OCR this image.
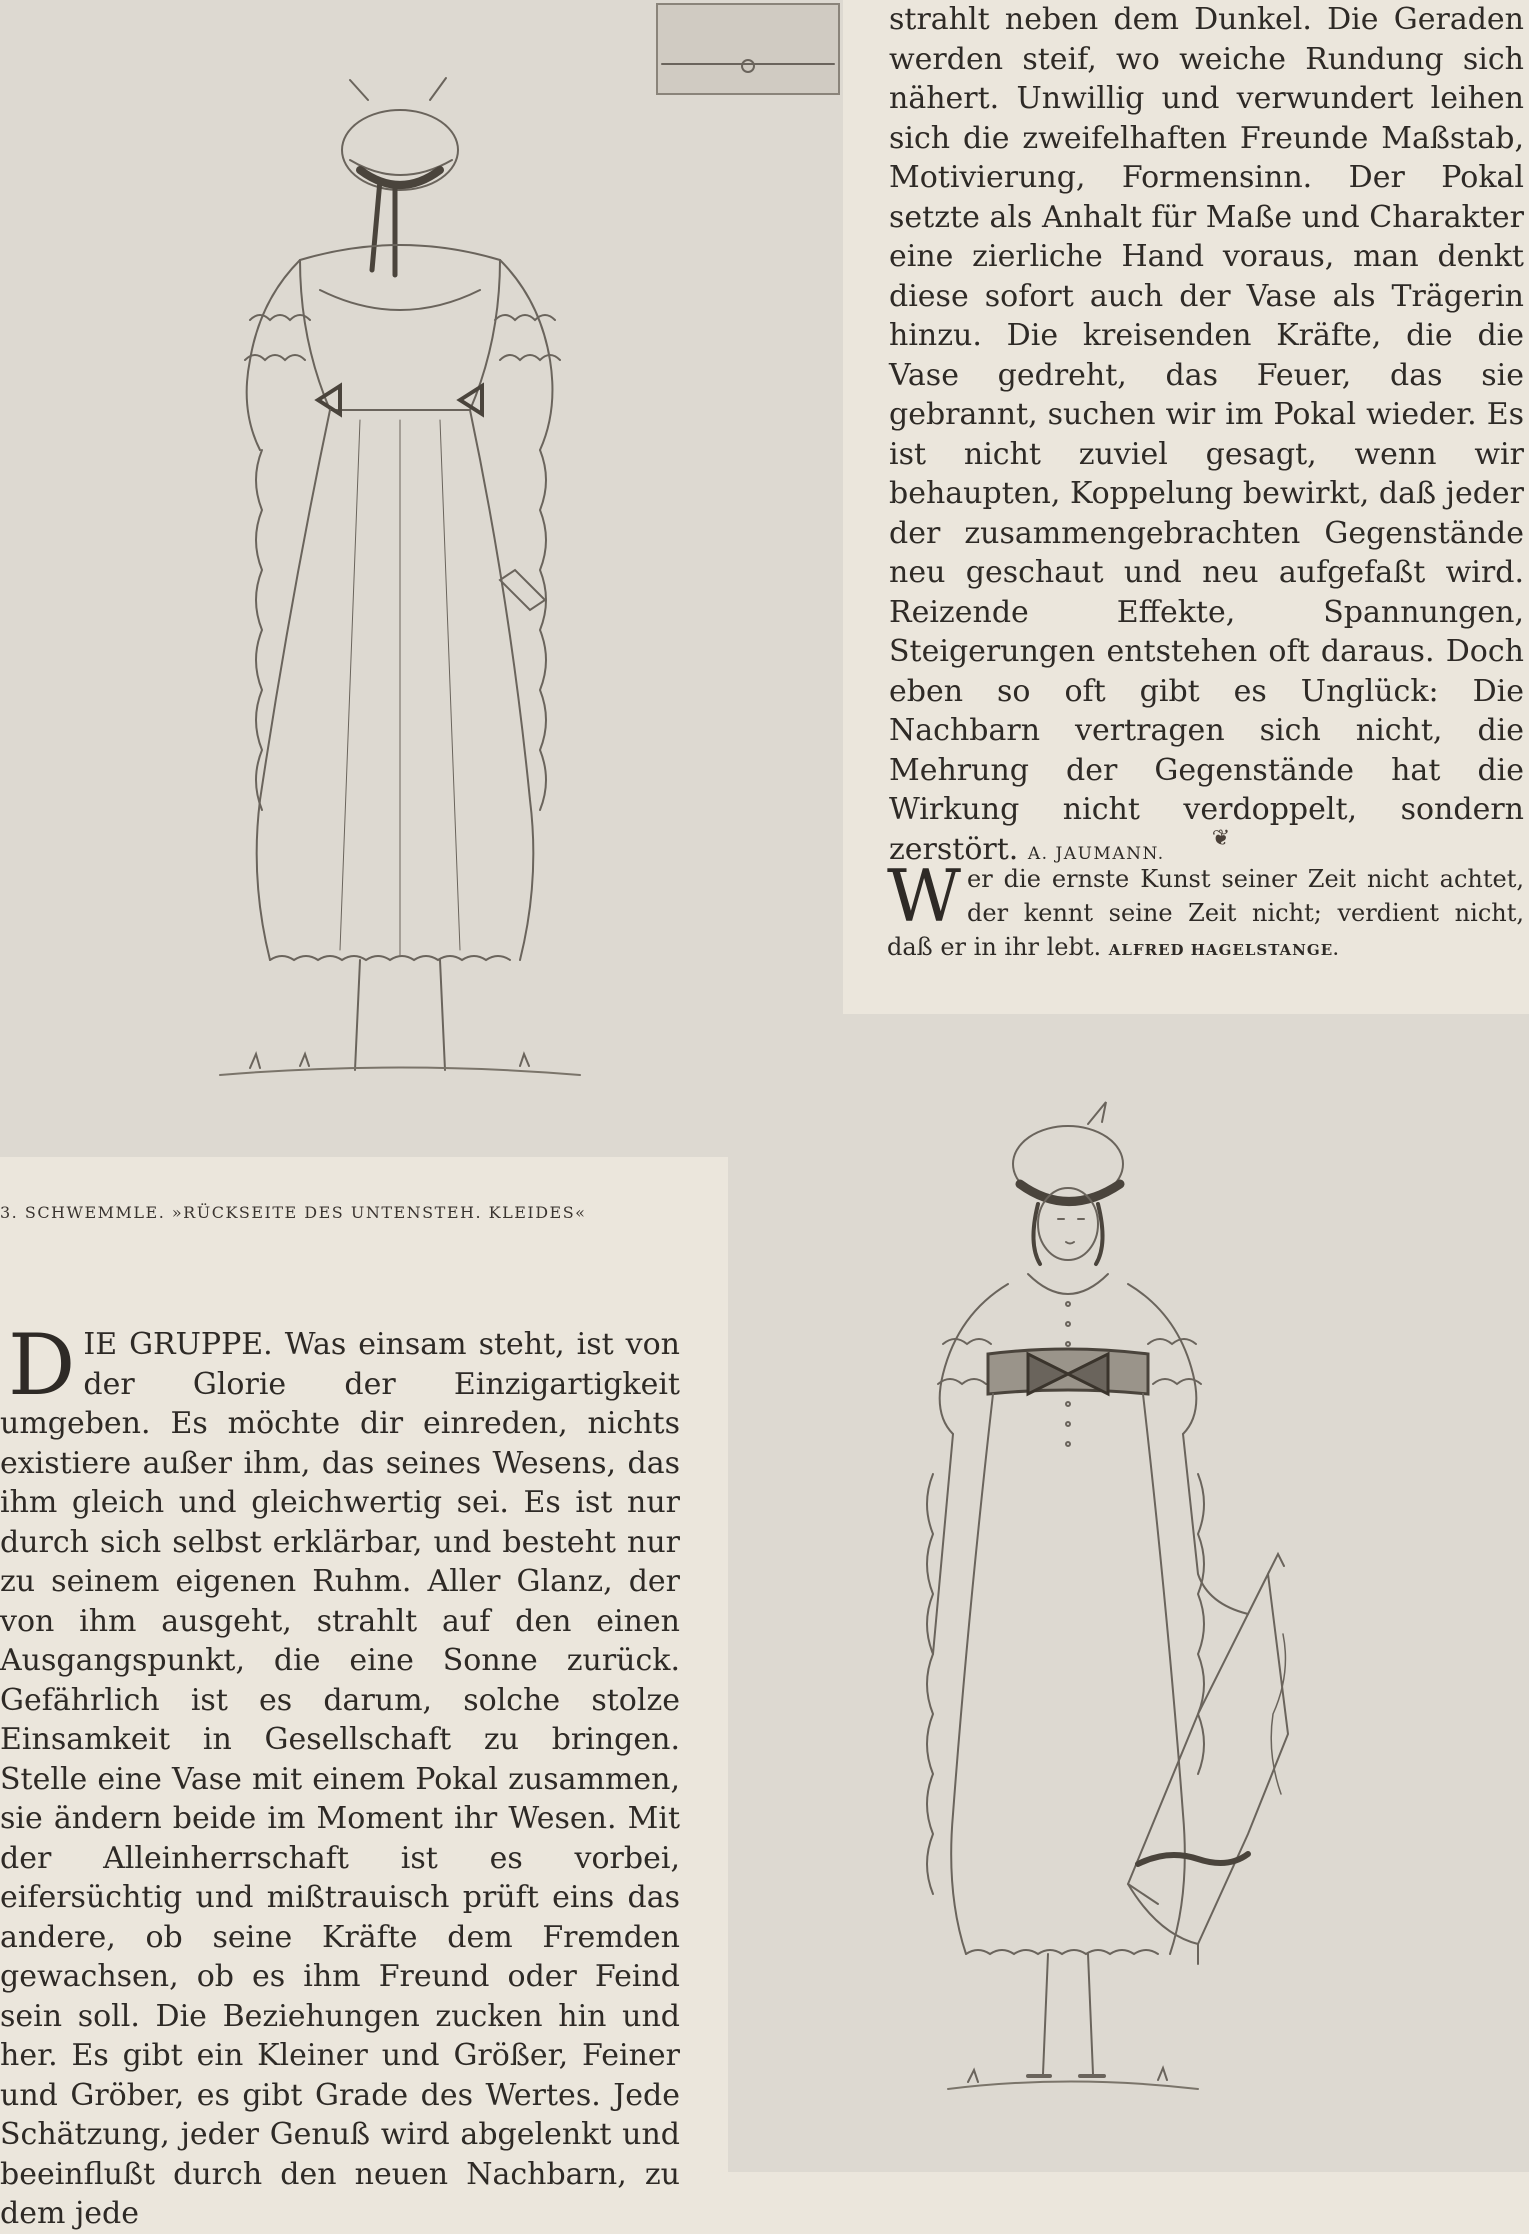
3. SCHWEMMLE. »RÜCKSEITE DES UNTENSTEH. KLEIDES«

strahlt neben dem Dunkel. Die Geraden werden steif, wo weiche Rundung sich nähert. Unwillig und verwundert leihen sich die zweifelhaften Freunde Maßstab, Motivierung, Formensinn. Der Pokal setzte als Anhalt für Maße und Charakter eine zierliche Hand voraus, man denkt diese sofort auch der Vase als Trägerin hinzu. Die kreisenden Kräfte, die die Vase gedreht, das Feuer, das sie gebrannt, suchen wir im Pokal wieder. Es ist nicht zuviel gesagt, wenn wir behaupten, Koppelung bewirkt, daß jeder der zusammengebrachten Gegenstände neu geschaut und neu aufgefaßt wird. Reizende Effekte, Spannungen, Steigerungen entstehen oft daraus. Doch eben so oft gibt es Unglück: Die Nachbarn vertragen sich nicht, die Mehrung der Gegenstände hat die Wirkung nicht verdoppelt, sondern zerstört. A. JAUMANN.

❦
W er die ernste Kunst seiner Zeit nicht achtet, der kennt seine Zeit nicht; verdient nicht, daß er in ihr lebt. ALFRED HAGELSTANGE.

D IE GRUPPE. Was einsam steht, ist von der Glorie der Einzigartigkeit umgeben. Es möchte dir einreden, nichts existiere außer ihm, das seines Wesens, das ihm gleich und gleichwertig sei. Es ist nur durch sich selbst erklärbar, und besteht nur zu seinem eigenen Ruhm. Aller Glanz, der von ihm ausgeht, strahlt auf den einen Ausgangspunkt, die eine Sonne zurück. Gefährlich ist es darum, solche stolze Einsamkeit in Gesellschaft zu bringen. Stelle eine Vase mit einem Pokal zusammen, sie ändern beide im Moment ihr Wesen. Mit der Alleinherrschaft ist es vorbei, eifersüchtig und mißtrauisch prüft eins das andere, ob seine Kräfte dem Fremden gewachsen, ob es ihm Freund oder Feind sein soll. Die Beziehungen zucken hin und her. Es gibt ein Kleiner und Größer, Feiner und Gröber, es gibt Grade des Wertes. Jede Schätzung, jeder Genuß wird abgelenkt und beeinflußt durch den neuen Nachbarn, zu dem jede
